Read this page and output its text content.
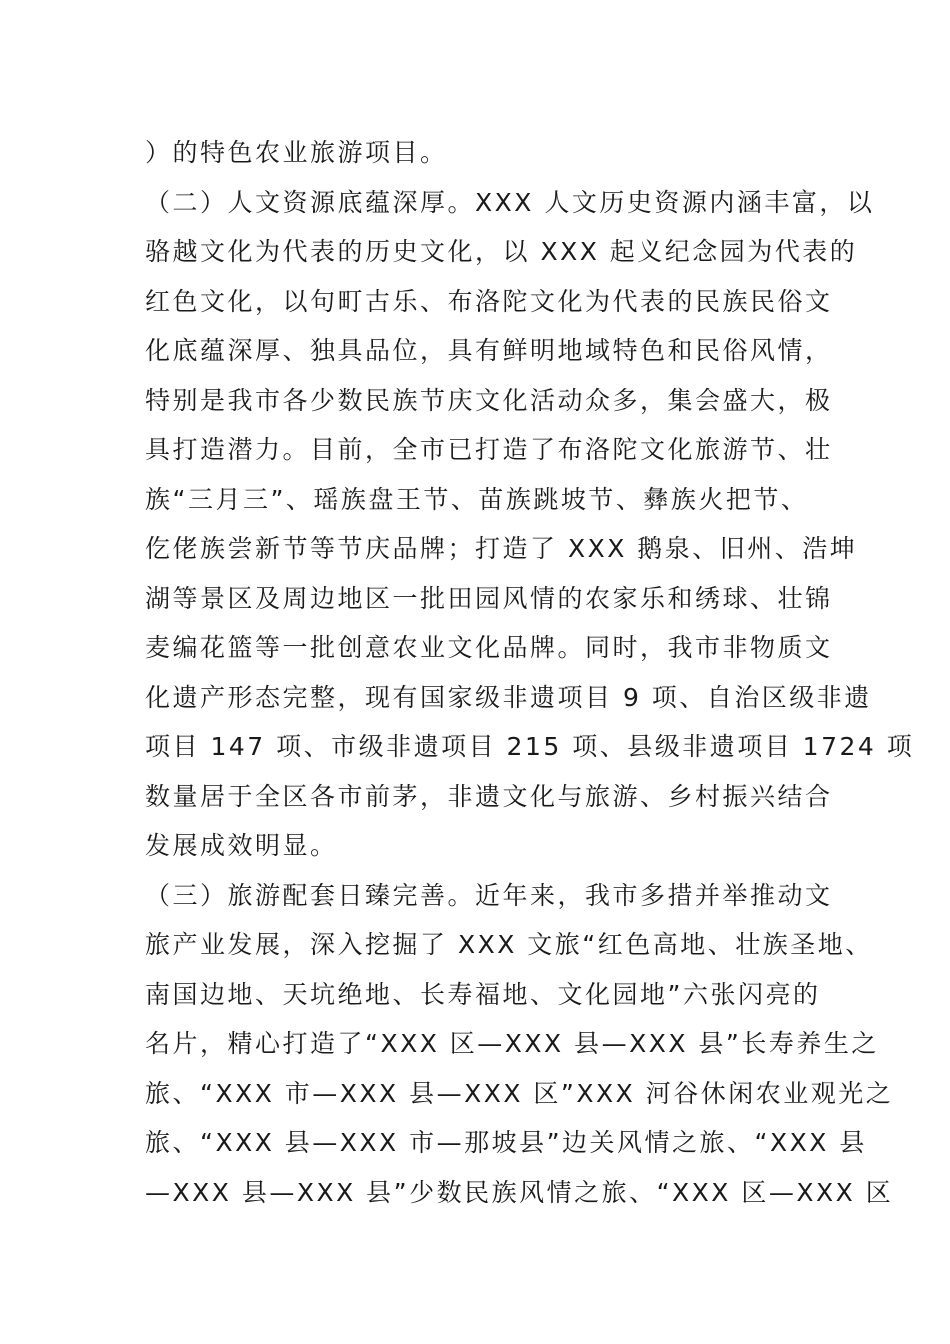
）的特色农业旅游项目。
（二）人文资源底蕴深厚。XXX 人文历史资源内涵丰富，以
骆越文化为代表的历史文化，以 XXX 起义纪念园为代表的
红色文化，以句町古乐、布洛陀文化为代表的民族民俗文
化底蕴深厚、独具品位，具有鲜明地域特色和民俗风情，
特别是我市各少数民族节庆文化活动众多，集会盛大，极
具打造潜力。目前，全市已打造了布洛陀文化旅游节、壮
族“三月三”、瑶族盘王节、苗族跳坡节、彝族火把节、
仡佬族尝新节等节庆品牌；打造了 XXX 鹅泉、旧州、浩坤
湖等景区及周边地区一批田园风情的农家乐和绣球、壮锦
麦编花篮等一批创意农业文化品牌。同时，我市非物质文
化遗产形态完整，现有国家级非遗项目 9 项、自治区级非遗
项目 147 项、市级非遗项目 215 项、县级非遗项目 1724 项
数量居于全区各市前茅，非遗文化与旅游、乡村振兴结合
发展成效明显。
（三）旅游配套日臻完善。近年来，我市多措并举推动文
旅产业发展，深入挖掘了 XXX 文旅“红色高地、壮族圣地、
南国边地、天坑绝地、长寿福地、文化园地”六张闪亮的
名片，精心打造了“XXX 区—XXX 县—XXX 县”长寿养生之
旅、“XXX 市—XXX 县—XXX 区”XXX 河谷休闲农业观光之
旅、“XXX 县—XXX 市—那坡县”边关风情之旅、“XXX 县
—XXX 县—XXX 县”少数民族风情之旅、“XXX 区—XXX 区
